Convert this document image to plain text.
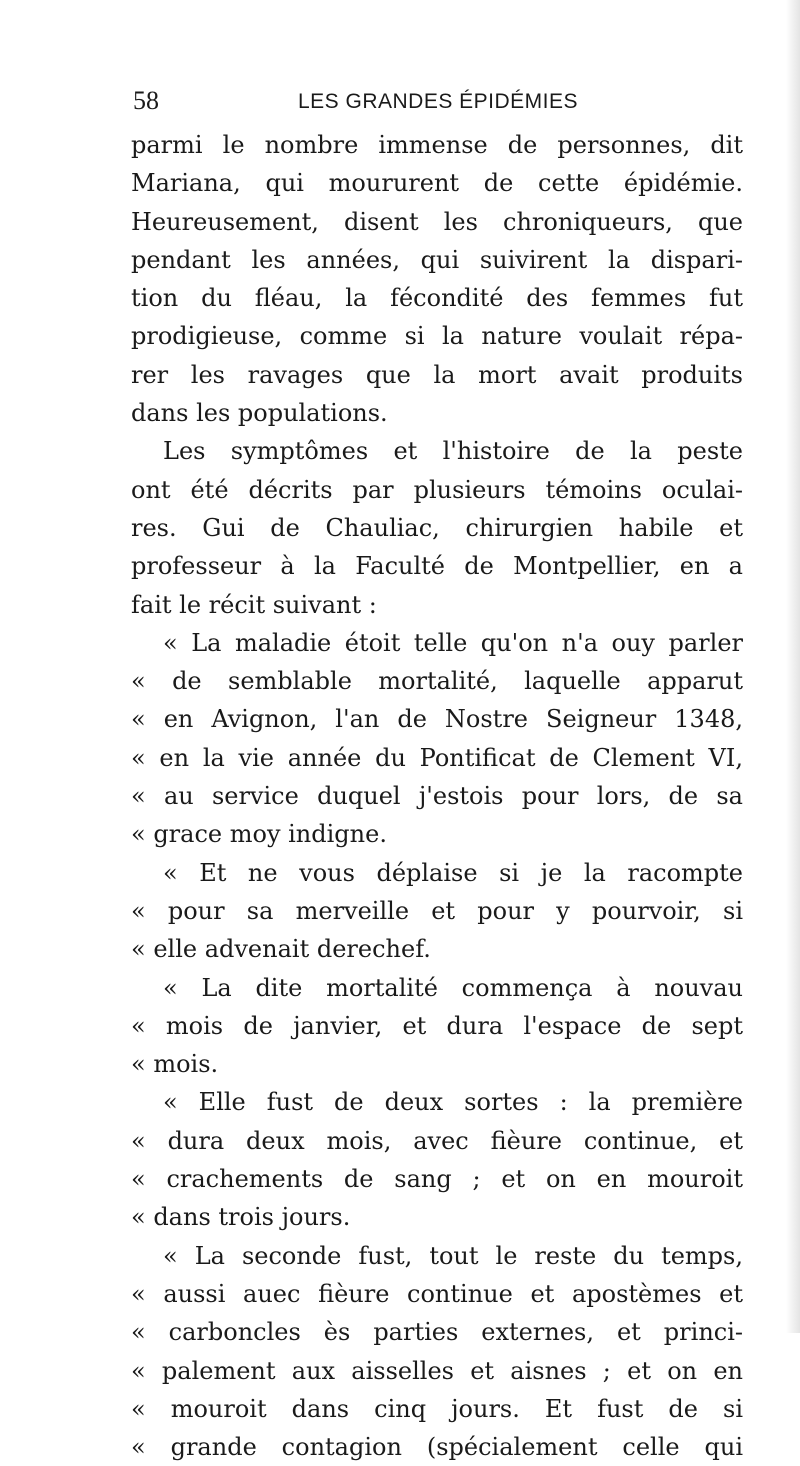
58	LES GRANDES ÉPIDÉMIES
parmi le nombre immense de personnes, dit
Mariana, qui moururent de cette épidémie.
Heureusement, disent les chroniqueurs, que
pendant les années, qui suivirent la dispari-
tion du fléau, la fécondité des femmes fut
prodigieuse, comme si la nature voulait répa-
rer les ravages que la mort avait produits
dans les populations.
Les symptômes et l'histoire de la peste
ont été décrits par plusieurs témoins oculai-
res. Gui de Chauliac, chirurgien habile et
professeur à la Faculté de Montpellier, en a
fait le récit suivant :
« La maladie étoit telle qu'on n'a ouy parler
« de semblable mortalité, laquelle apparut
« en Avignon, l'an de Nostre Seigneur 1348,
« en la vie année du Pontificat de Clement VI,
« au service duquel j'estois pour lors, de sa
« grace moy indigne.
« Et ne vous déplaise si je la racompte
« pour sa merveille et pour y pourvoir, si
« elle advenait derechef.
« La dite mortalité commença à nouvau
« mois de janvier, et dura l'espace de sept
« mois.
« Elle fust de deux sortes : la première
« dura deux mois, avec fièure continue, et
« crachements de sang ; et on en mouroit
« dans trois jours.
« La seconde fust, tout le reste du temps,
« aussi auec fièure continue et apostèmes et
« carboncles ès parties externes, et princi-
« palement aux aisselles et aisnes ; et on en
« mouroit dans cinq jours. Et fust de si
« grande contagion (spécialement celle qui
